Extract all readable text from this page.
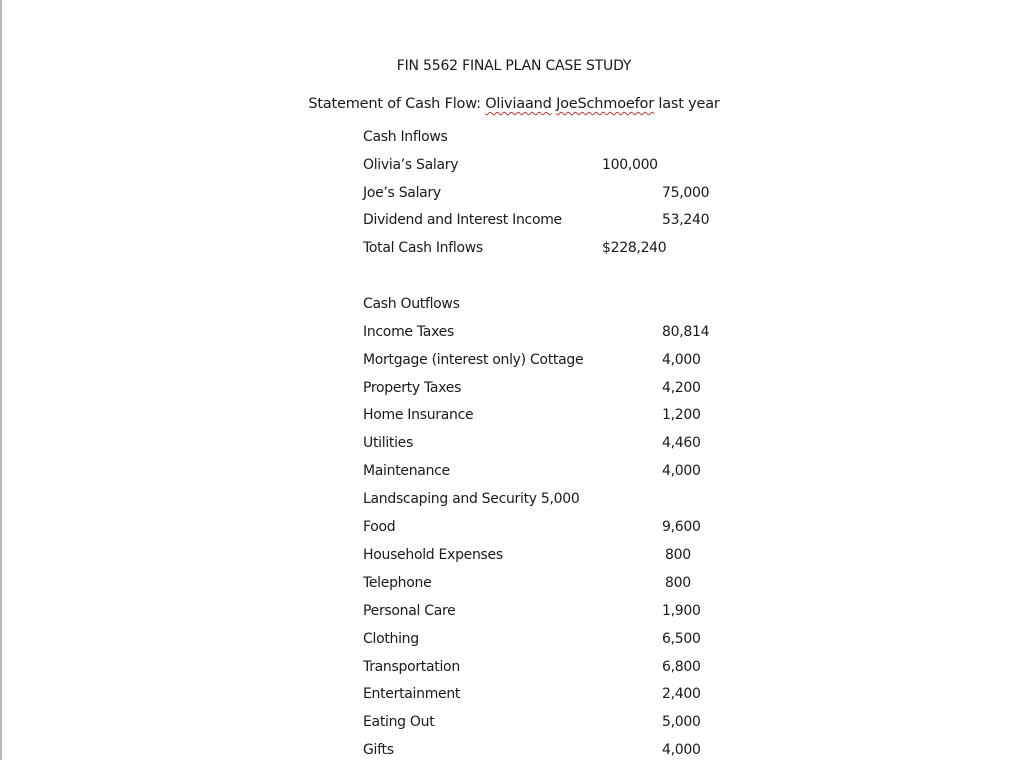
FIN 5562 FINAL PLAN CASE STUDY
Statement of Cash Flow: Oliviaand JoeSchmoefor last year
Cash Inflows
Olivia’s Salary	100,000
Joe’s Salary	75,000
Dividend and Interest Income	53,240
Total Cash Inflows	$228,240
Cash Outflows
Income Taxes	80,814
Mortgage (interest only) Cottage	4,000
Property Taxes	4,200
Home Insurance	1,200
Utilities	4,460
Maintenance	4,000
Landscaping and Security 5,000
Food	9,600
Household Expenses	800
Telephone	800
Personal Care	1,900
Clothing	6,500
Transportation	6,800
Entertainment	2,400
Eating Out	5,000
Gifts	4,000
